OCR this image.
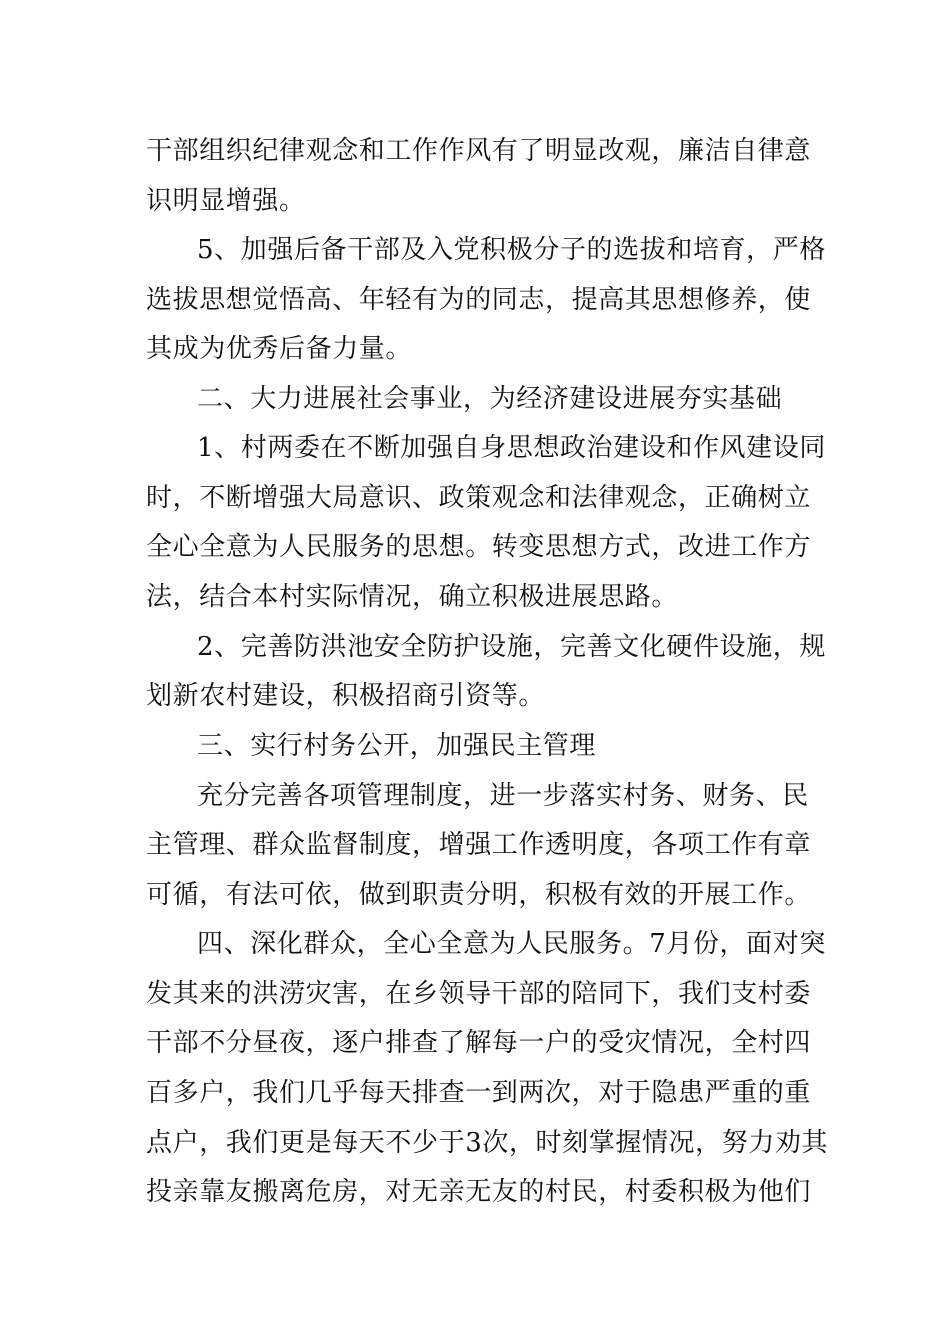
干部组织纪律观念和工作作风有了明显改观，廉洁自律意
识明显增强。
5、加强后备干部及入党积极分子的选拔和培育，严格
选拔思想觉悟高、年轻有为的同志，提高其思想修养，使
其成为优秀后备力量。
二、大力进展社会事业，为经济建设进展夯实基础
1、村两委在不断加强自身思想政治建设和作风建设同
时，不断增强大局意识、政策观念和法律观念，正确树立
全心全意为人民服务的思想。转变思想方式，改进工作方
法，结合本村实际情况，确立积极进展思路。
2、完善防洪池安全防护设施，完善文化硬件设施，规
划新农村建设，积极招商引资等。
三、实行村务公开，加强民主管理
充分完善各项管理制度，进一步落实村务、财务、民
主管理、群众监督制度，增强工作透明度，各项工作有章
可循，有法可依，做到职责分明，积极有效的开展工作。
四、深化群众，全心全意为人民服务。7月份，面对突
发其来的洪涝灾害，在乡领导干部的陪同下，我们支村委
干部不分昼夜，逐户排查了解每一户的受灾情况，全村四
百多户，我们几乎每天排查一到两次，对于隐患严重的重
点户，我们更是每天不少于3次，时刻掌握情况，努力劝其
投亲靠友搬离危房，对无亲无友的村民，村委积极为他们
